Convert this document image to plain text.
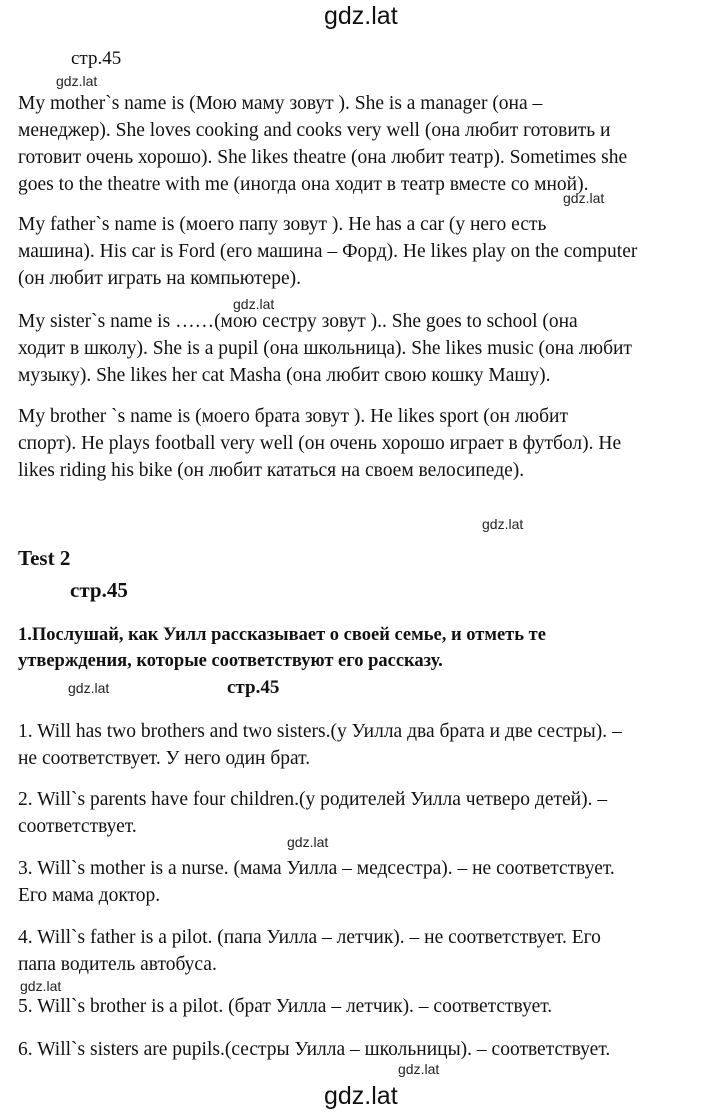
gdz.lat
gdz.lat
gdz.lat
gdz.lat
gdz.lat
gdz.lat
gdz.lat
gdz.lat
gdz.lat
gdz.lat
стр.45

My mother`s name is (Мою маму зовут ). She is a manager (она –
менеджер). She loves cooking and cooks very well (она любит готовить и
готовит очень хорошо). She likes theatre (она любит театр). Sometimes she
goes to the theatre with me (иногда она ходит в театр вместе со мной).

My father`s name is (моего папу зовут ). He has a car (у него есть
машина). His car is Ford (его машина – Форд). He likes play on the computer
(он любит играть на компьютере).

My sister`s name is ……(мою сестру зовут ).. She goes to school (она
ходит в школу). She is a pupil (она школьница). She likes music (она любит
музыку). She likes her cat Masha (она любит свою кошку Машу).

My brother `s name is (моего брата зовут ). He likes sport (он любит
спорт). He plays football very well (он очень хорошо играет в футбол). He
likes riding his bike (он любит кататься на своем велосипеде).

Test 2
стр.45

1.Послушай, как Уилл рассказывает о своей семье, и отметь те
утверждения, которые соответствуют его рассказу.

стр.45

1. Will has two brothers and two sisters.(у Уилла два брата и две сестры). –
не соответствует. У него один брат.

2. Will`s parents have four children.(у родителей Уилла четверо детей). –
соответствует.

3. Will`s mother is a nurse. (мама Уилла – медсестра). – не соответствует.
Его мама доктор.

4. Will`s father is a pilot. (папа Уилла – летчик). – не соответствует. Его
папа водитель автобуса.

5. Will`s brother is a pilot. (брат Уилла – летчик). – соответствует.

6. Will`s sisters are pupils.(сестры Уилла – школьницы). – соответствует.
